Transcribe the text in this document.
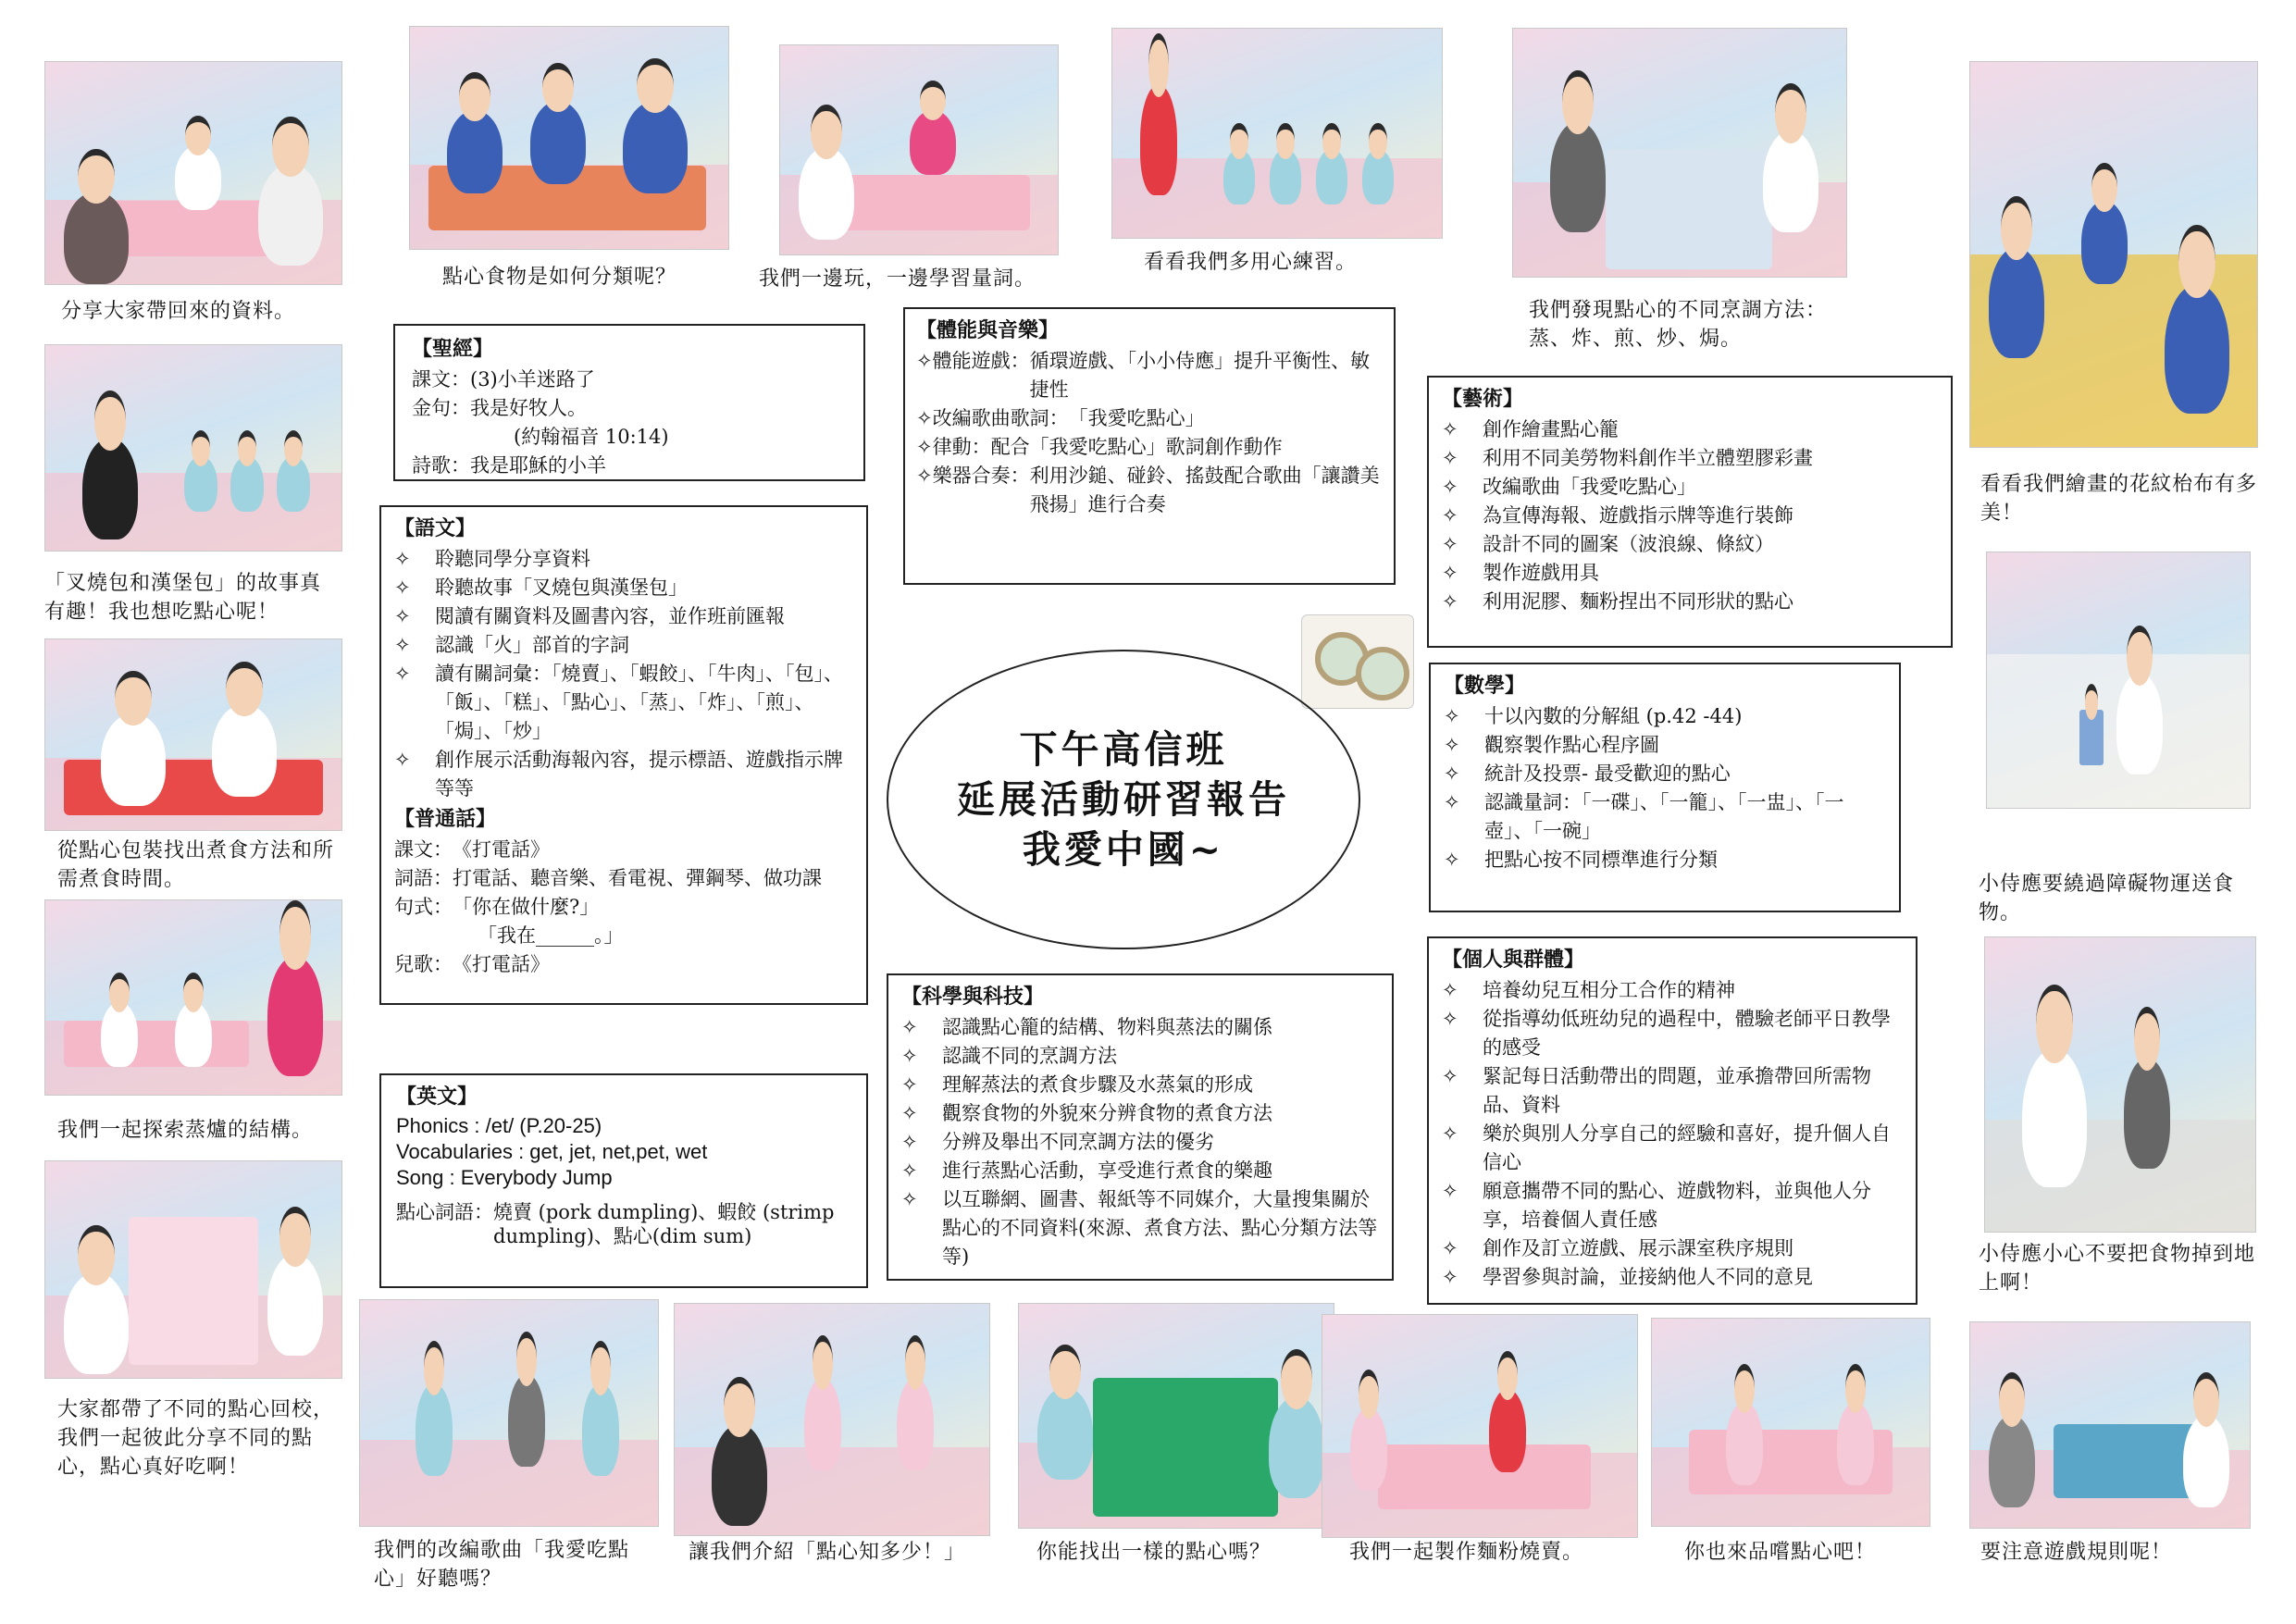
分享大家帶回來的資料。
「叉燒包和漢堡包」的故事真有趣！我也想吃點心呢！
從點心包裝找出煮食方法和所需煮食時間。
我們一起探索蒸爐的結構。
大家都帶了不同的點心回校，我們一起彼此分享不同的點心，點心真好吃啊！
點心食物是如何分類呢？	我們一邊玩，一邊學習量詞。
看看我們多用心練習。
我們發現點心的不同烹調方法：蒸、炸、煎、炒、焗。
看看我們繪畫的花紋枱布有多美！
小侍應要繞過障礙物運送食物。
小侍應小心不要把食物掉到地上啊！
我們的改編歌曲「我愛吃點心」好聽嗎？
讓我們介紹「點心知多少！」	你能找出一樣的點心嗎？	我們一起製作麵粉燒賣。	你也來品嚐點心吧！	要注意遊戲規則呢！
【聖經】
課文： (3)小羊迷路了
金句： 我是好牧人。
(約翰福音 10:14)
詩歌： 我是耶穌的小羊
【語文】
✧ 聆聽同學分享資料
✧ 聆聽故事「叉燒包與漢堡包」
✧ 閱讀有關資料及圖書內容，並作班前匯報
✧ 認識「火」部首的字詞
✧ 讀有關詞彙：「燒賣」、「蝦餃」、「牛肉」、「包」、「飯」、「糕」、「點心」、「蒸」、「炸」、「煎」、「焗」、「炒」
✧ 創作展示活動海報內容，提示標語、遊戲指示牌等等
【普通話】
課文： 《打電話》
詞語： 打電話、聽音樂、看電視、彈鋼琴、做功課
句式： 「你在做什麼?」
「我在______。」
兒歌： 《打電話》
【英文】
Phonics : /et/ (P.20-25)
Vocabularies : get, jet, net,pet, wet
Song : Everybody Jump
點心詞語： 燒賣 (pork dumpling)、蝦餃 (strimp dumpling)、點心(dim sum)
【體能與音樂】
✧ 體能遊戲： 循環遊戲、「小小侍應」提升平衡性、敏捷性
✧ 改編歌曲歌詞： 「我愛吃點心」
✧ 律動： 配合「我愛吃點心」歌詞創作動作
✧ 樂器合奏： 利用沙鎚、碰鈴、搖鼓配合歌曲「讓讚美飛揚」進行合奏
下午高信班
延展活動研習報告
我愛中國~
【科學與科技】
✧ 認識點心籠的結構、物料與蒸法的關係
✧ 認識不同的烹調方法
✧ 理解蒸法的煮食步驟及水蒸氣的形成
✧ 觀察食物的外貌來分辨食物的煮食方法
✧ 分辨及舉出不同烹調方法的優劣
✧ 進行蒸點心活動，享受進行煮食的樂趣
✧ 以互聯網、圖書、報紙等不同媒介，大量搜集關於點心的不同資料(來源、煮食方法、點心分類方法等等)
【藝術】
✧ 創作繪畫點心籠
✧ 利用不同美勞物料創作半立體塑膠彩畫
✧ 改編歌曲「我愛吃點心」
✧ 為宣傳海報、遊戲指示牌等進行裝飾
✧ 設計不同的圖案（波浪線、條紋）
✧ 製作遊戲用具
✧ 利用泥膠、麵粉捏出不同形狀的點心
【數學】
✧ 十以內數的分解組 (p.42 -44)
✧ 觀察製作點心程序圖
✧ 統計及投票- 最受歡迎的點心
✧ 認識量詞：「一碟」、「一籠」、「一盅」、「一壺」、「一碗」
✧ 把點心按不同標準進行分類
【個人與群體】
✧ 培養幼兒互相分工合作的精神
✧ 從指導幼低班幼兒的過程中，體驗老師平日教學的感受
✧ 緊記每日活動帶出的問題，並承擔帶回所需物品、資料
✧ 樂於與別人分享自己的經驗和喜好，提升個人自信心
✧ 願意攜帶不同的點心、遊戲物料，並與他人分享，培養個人責任感
✧ 創作及訂立遊戲、展示課室秩序規則
✧ 學習參與討論，並接納他人不同的意見
